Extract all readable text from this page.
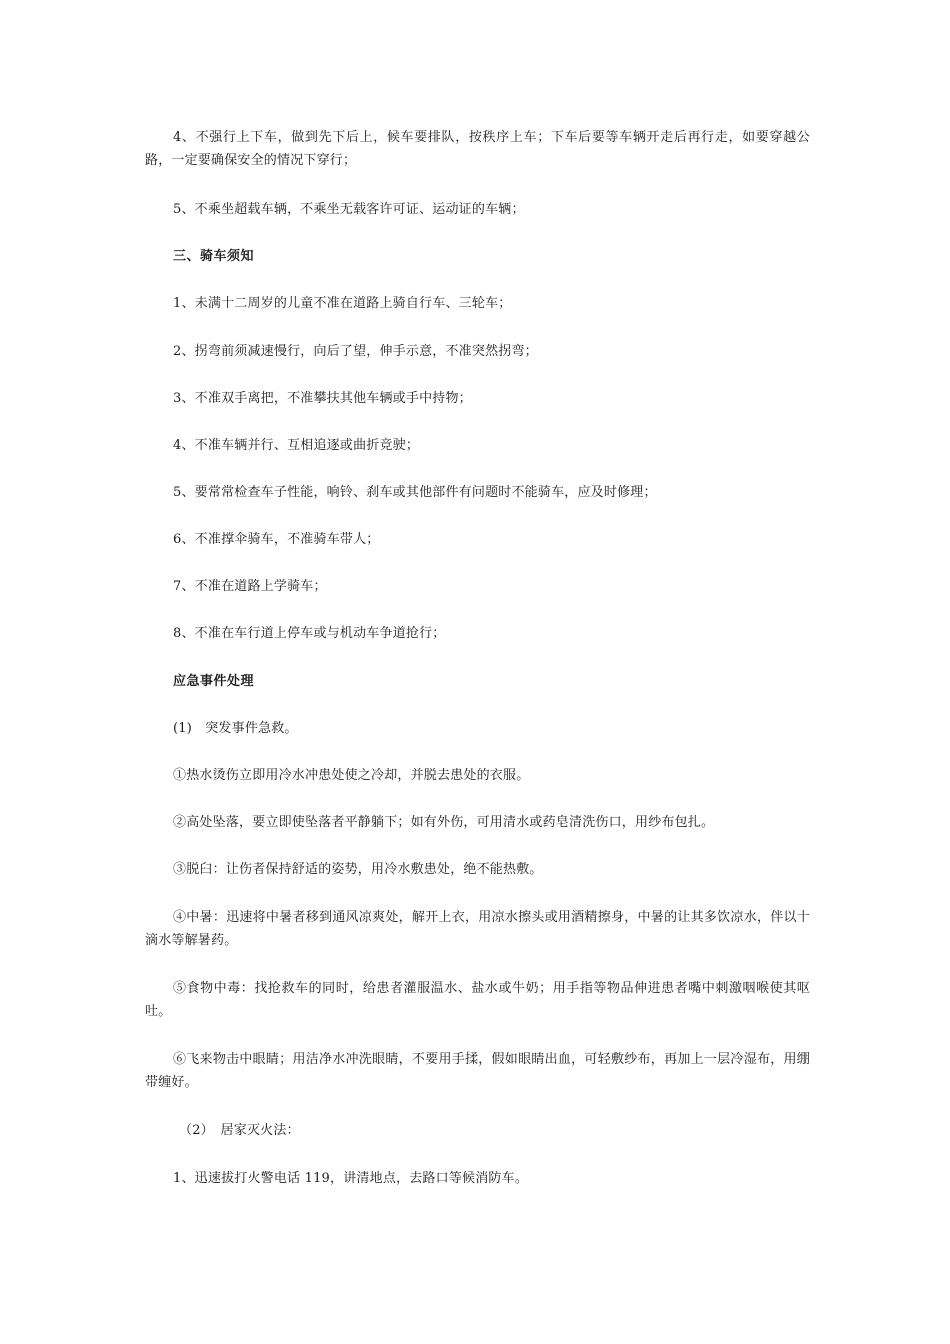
4、不强行上下车，做到先下后上，候车要排队，按秩序上车；下车后要等车辆开走后再行走，如要穿越公路，一定要确保安全的情况下穿行；

5、不乘坐超载车辆，不乘坐无载客许可证、运动证的车辆；

三、骑车须知

1、未满十二周岁的儿童不准在道路上骑自行车、三轮车；

2、拐弯前须减速慢行，向后了望，伸手示意，不准突然拐弯；

3、不准双手离把，不准攀扶其他车辆或手中持物；

4、不准车辆并行、互相追逐或曲折竞驶；

5、要常常检查车子性能，响铃、刹车或其他部件有问题时不能骑车，应及时修理；

6、不准撑伞骑车，不准骑车带人；

7、不准在道路上学骑车；

8、不准在车行道上停车或与机动车争道抢行；

应急事件处理

(1)　突发事件急救。

①热水烫伤立即用冷水冲患处使之冷却，并脱去患处的衣服。

②高处坠落，要立即使坠落者平静躺下；如有外伤，可用清水或药皂清洗伤口，用纱布包扎。

③脱臼：让伤者保持舒适的姿势，用冷水敷患处，绝不能热敷。

④中暑：迅速将中暑者移到通风凉爽处，解开上衣，用凉水擦头或用酒精擦身，中暑的让其多饮凉水，伴以十滴水等解暑药。

⑤食物中毒：找抢救车的同时，给患者灌服温水、盐水或牛奶；用手指等物品伸进患者嘴中刺激咽喉使其呕吐。

⑥飞来物击中眼睛；用洁净水冲洗眼睛，不要用手揉，假如眼睛出血，可轻敷纱布，再加上一层冷湿布，用绷带缠好。

（2）　居家灭火法：

1、迅速拔打火警电话 119，讲清地点，去路口等候消防车。
